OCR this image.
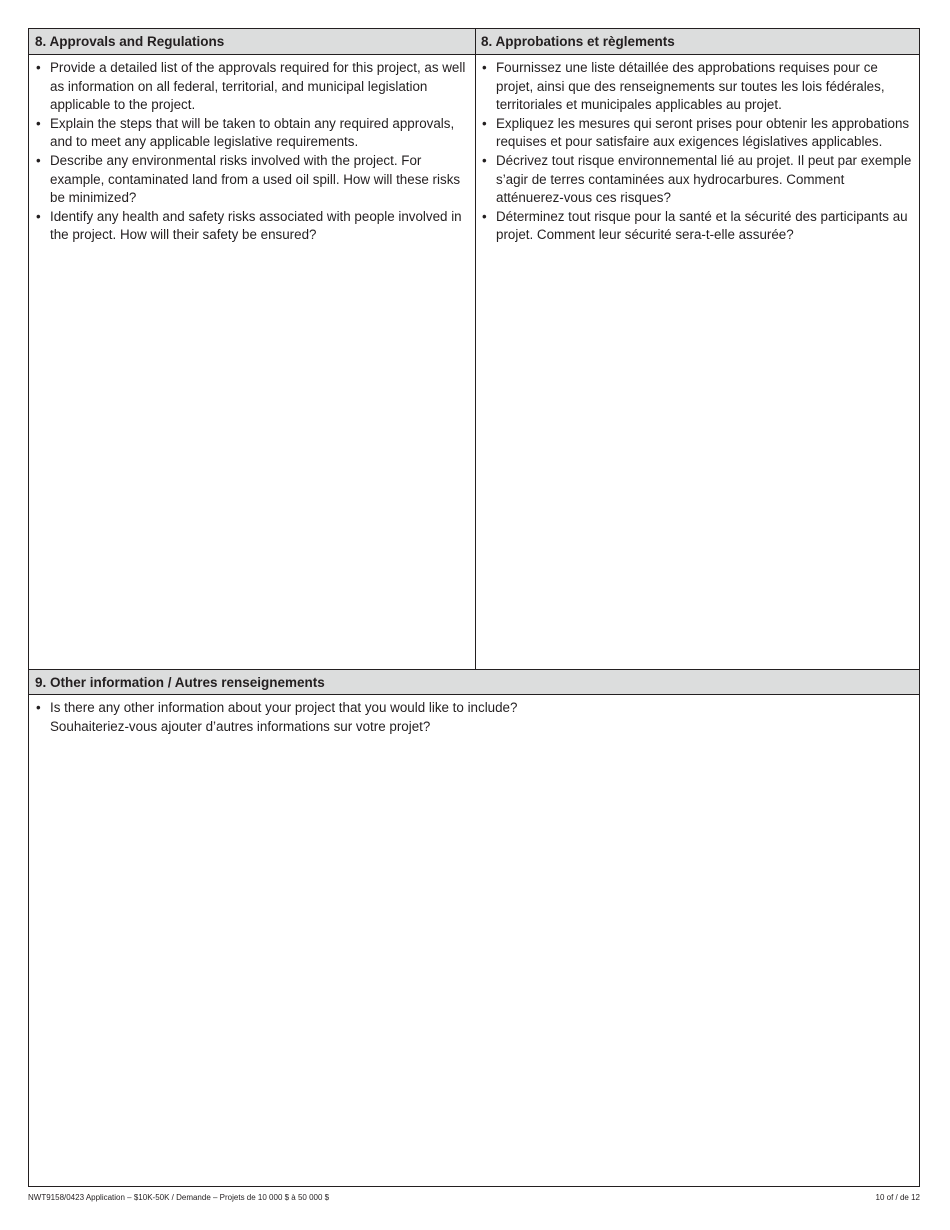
8. Approvals and Regulations	8. Approbations et règlements
• Provide a detailed list of the approvals required for this project, as well as information on all federal, territorial, and municipal legislation applicable to the project.
• Explain the steps that will be taken to obtain any required approvals, and to meet any applicable legislative requirements.
• Describe any environmental risks involved with the project. For example, contaminated land from a used oil spill. How will these risks be minimized?
• Identify any health and safety risks associated with people involved in the project. How will their safety be ensured?
• Fournissez une liste détaillée des approbations requises pour ce projet, ainsi que des renseignements sur toutes les lois fédérales, territoriales et municipales applicables au projet.
• Expliquez les mesures qui seront prises pour obtenir les approbations requises et pour satisfaire aux exigences législatives applicables.
• Décrivez tout risque environnemental lié au projet. Il peut par exemple s’agir de terres contaminées aux hydrocarbures. Comment atténuerez-vous ces risques?
• Déterminez tout risque pour la santé et la sécurité des participants au projet. Comment leur sécurité sera-t-elle assurée?
9. Other information / Autres renseignements
• Is there any other information about your project that you would like to include?
Souhaiteriez-vous ajouter d’autres informations sur votre projet?
NWT9158/0423 Application – $10K-50K / Demande – Projets de 10 000 $ à 50 000 $	10 of / de 12
